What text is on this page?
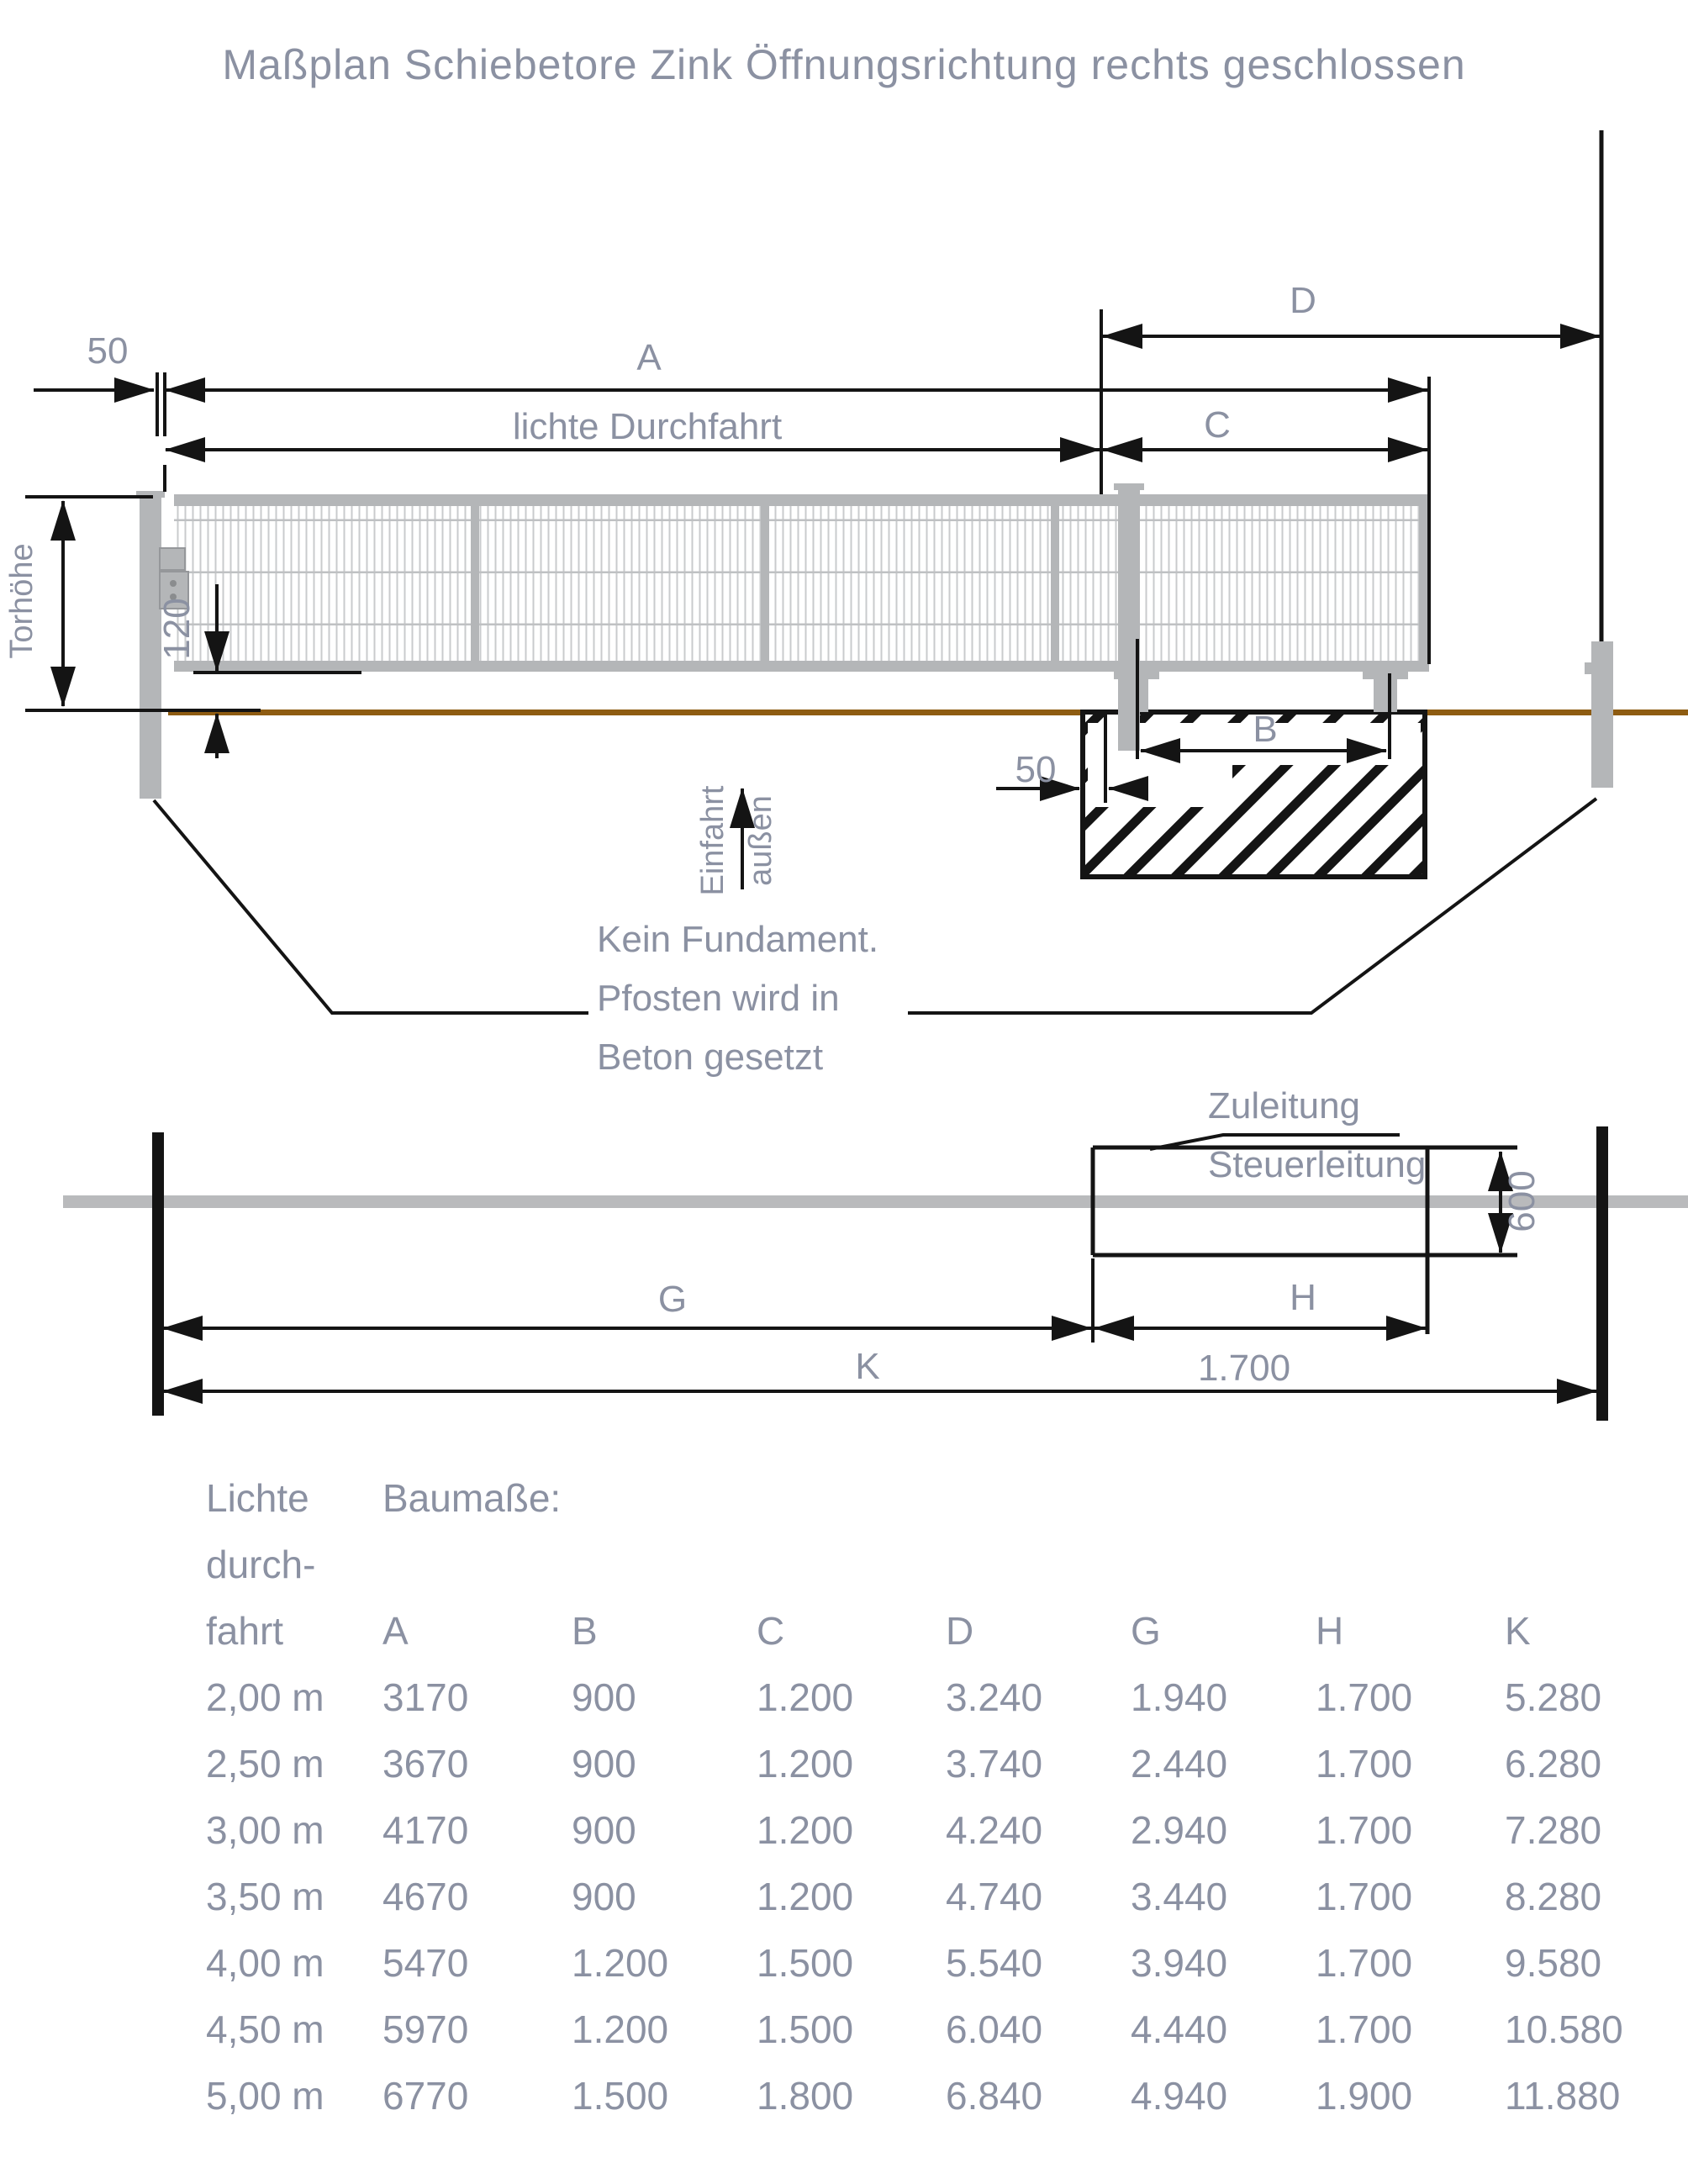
Maßplan Schiebetore Zink Öffnungsrichtung rechts geschlossen
50	A
lichte Durchfahrt	C
D
Torhöhe	120
B
50
Einfahrt außen
Kein Fundament.
Pfosten wird in
Beton gesetzt
Zuleitung
Steuerleitung
600
G	H
1.700
K
Lichte	Baumaße:
durch-
fahrt	A	B	C	D	G	H	K
2,00 m	3170	900	1.200	3.240	1.940	1.700	5.280
2,50 m	3670	900	1.200	3.740	2.440	1.700	6.280
3,00 m	4170	900	1.200	4.240	2.940	1.700	7.280
3,50 m	4670	900	1.200	4.740	3.440	1.700	8.280
4,00 m	5470	1.200	1.500	5.540	3.940	1.700	9.580
4,50 m	5970	1.200	1.500	6.040	4.440	1.700	10.580
5,00 m	6770	1.500	1.800	6.840	4.940	1.900	11.880
